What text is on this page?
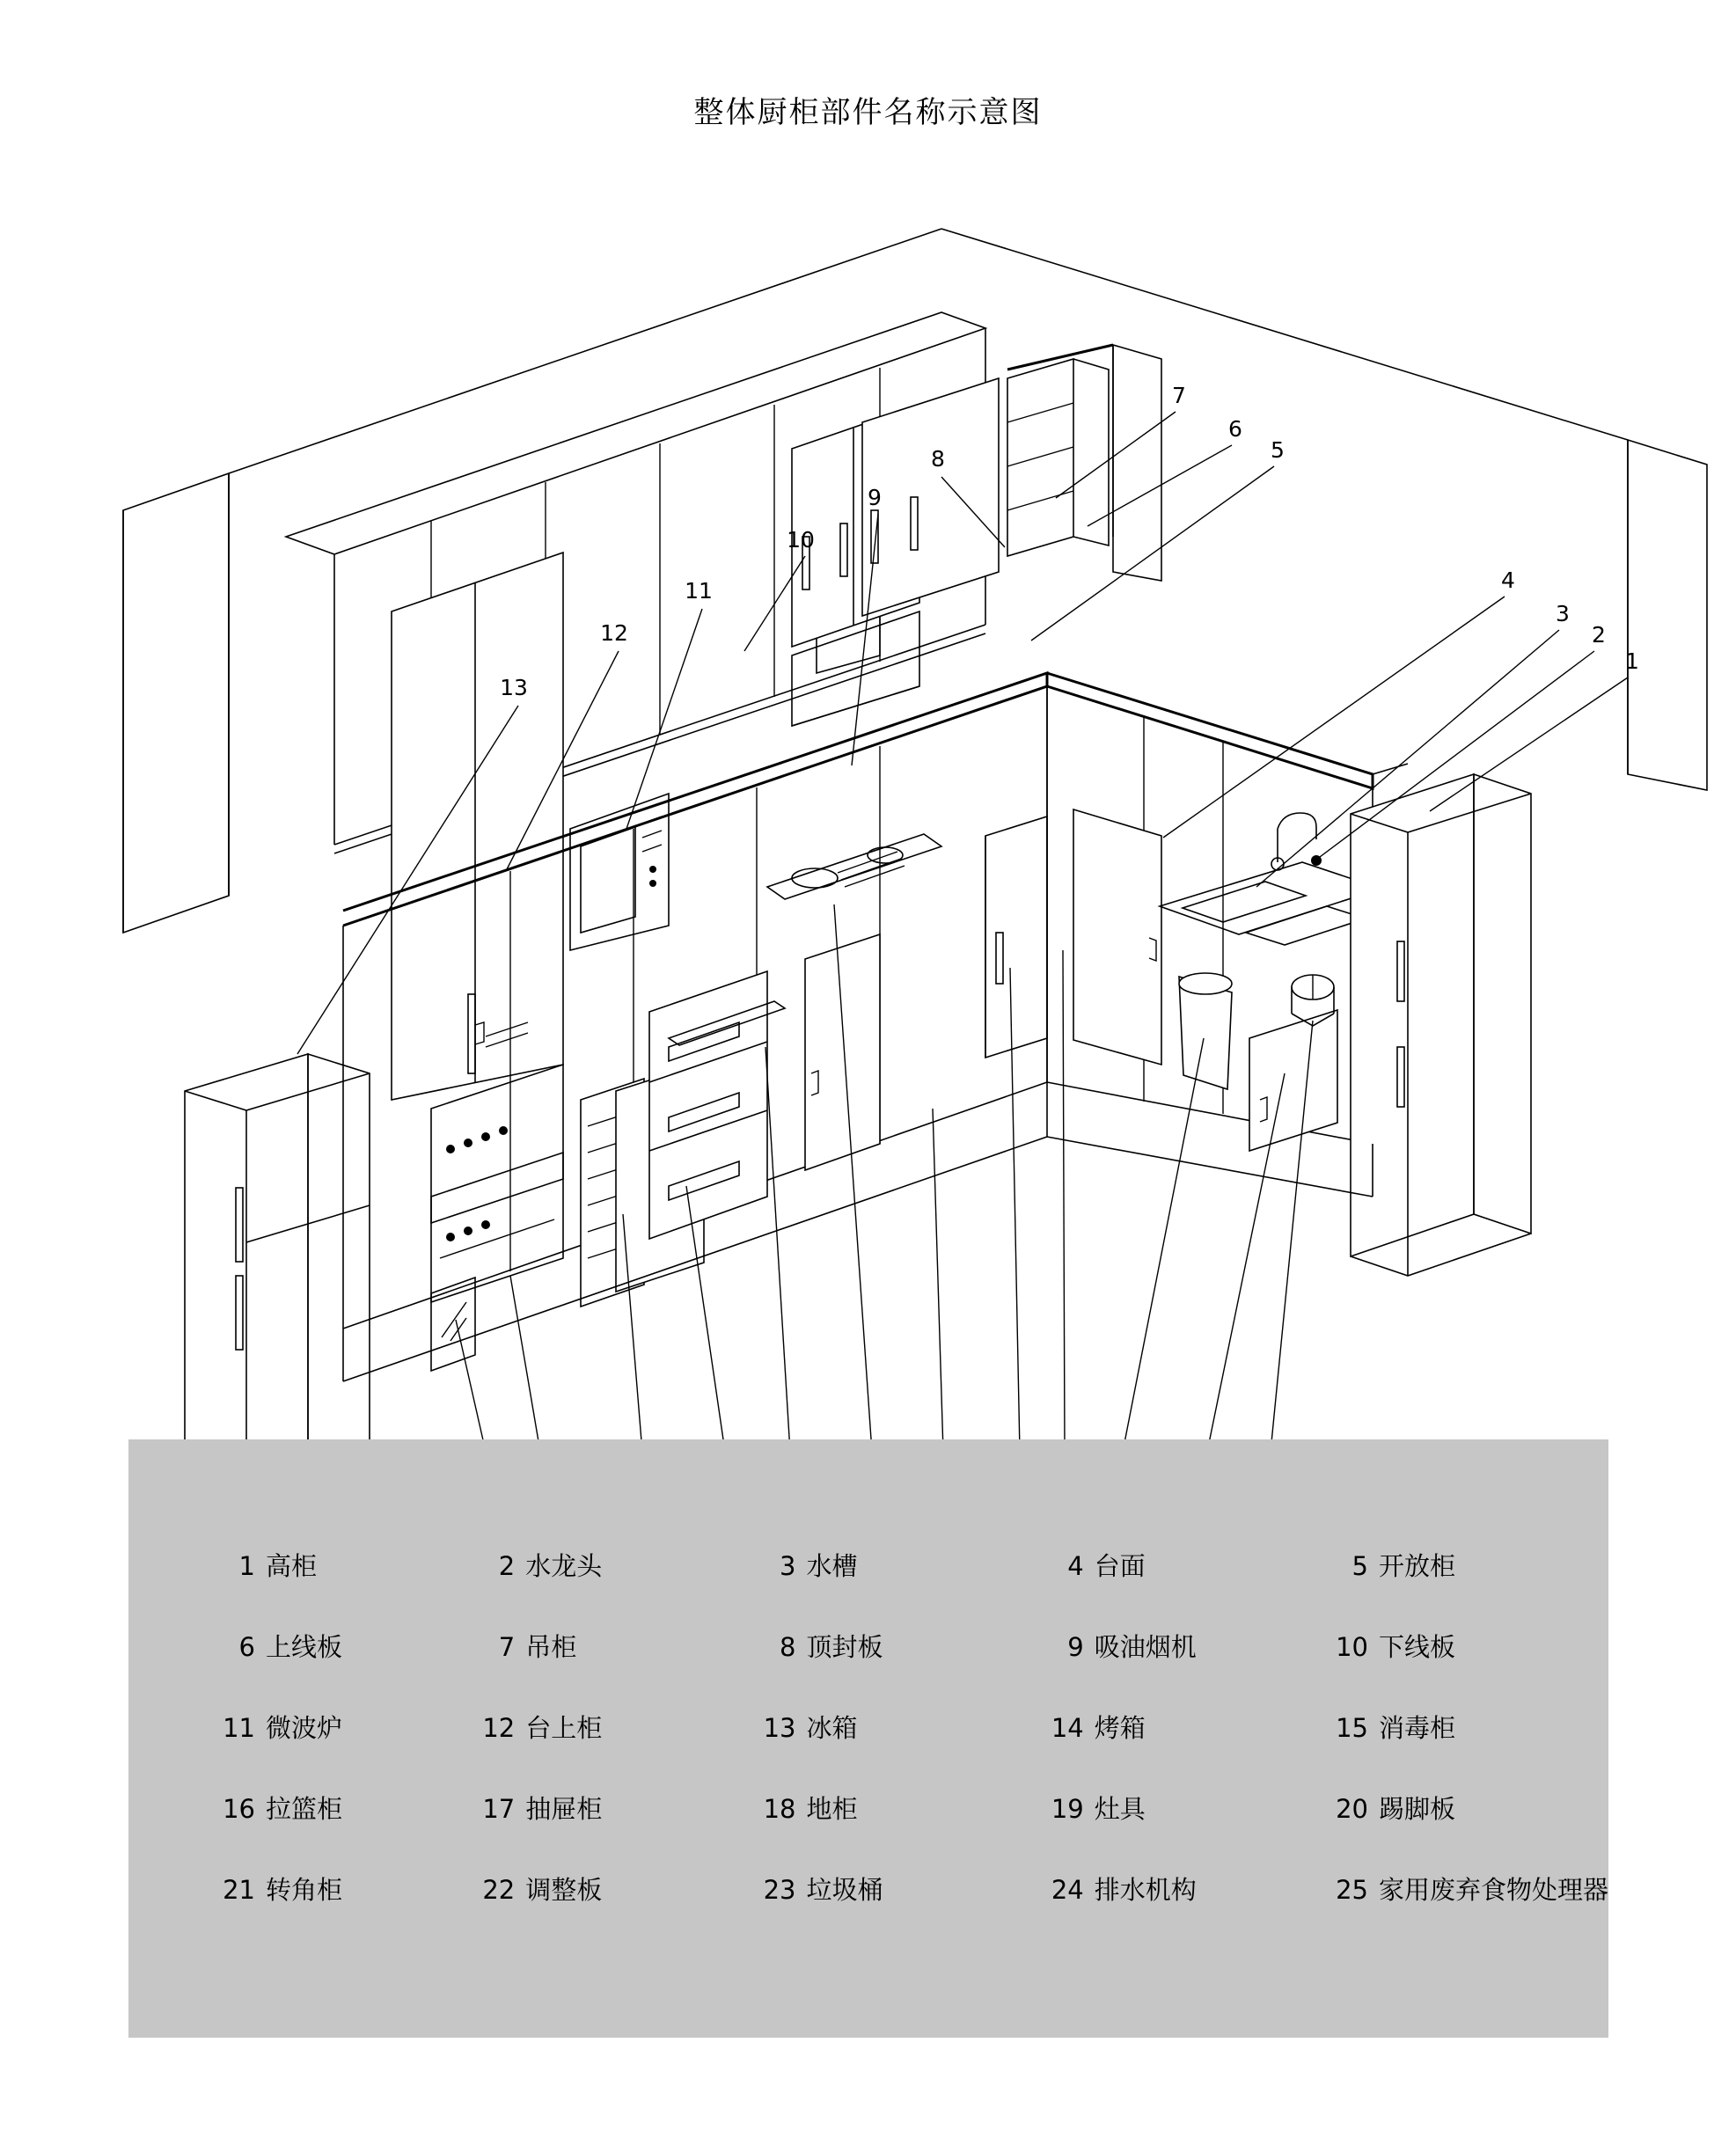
整体厨柜部件名称示意图
1
2
3
4
5
6
7
8
9
10
11
12
13
1 高柜	2 水龙头	3 水槽	4 台面	5 开放柜
6 上线板	7 吊柜	8 顶封板	9 吸油烟机	10 下线板
11 微波炉	12 台上柜	13 冰箱	14 烤箱	15 消毒柜
16 拉篮柜	17 抽屉柜	18 地柜	19 灶具	20 踢脚板
21 转角柜	22 调整板	23 垃圾桶	24 排水机构	25 家用废弃食物处理器
